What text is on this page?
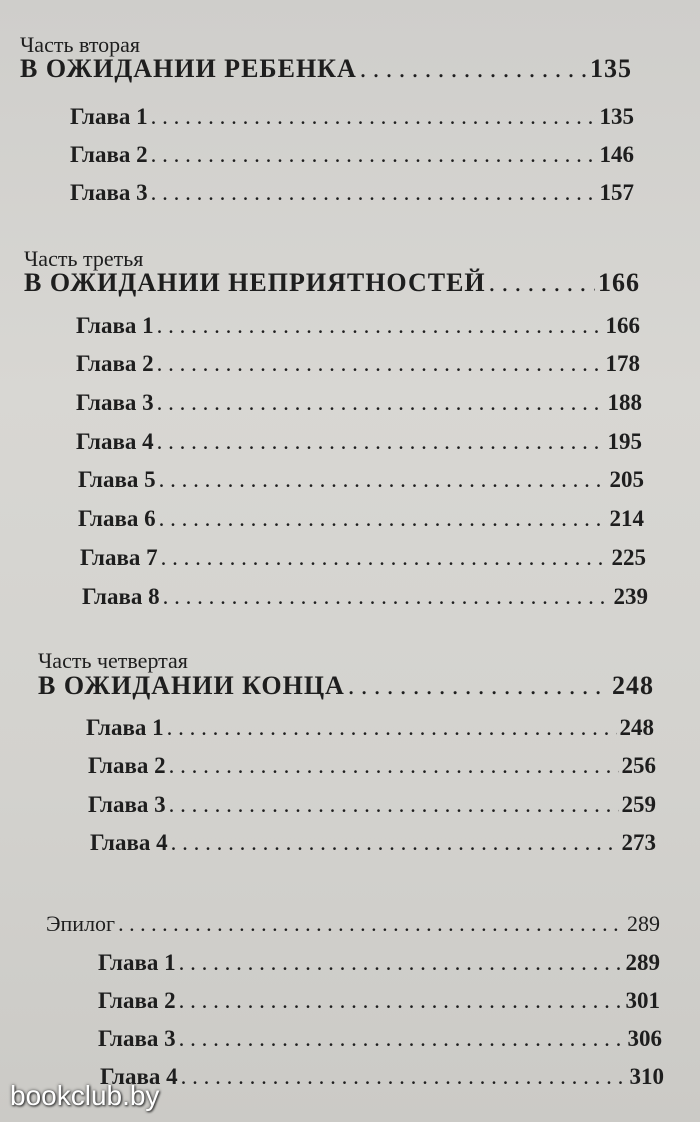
Часть вторая
В ОЖИДАНИИ РЕБЕНКА . . .	135
Глава 1 . . .	135
Глава 2 . . .	146
Глава 3 . . .	157
Часть третья
В ОЖИДАНИИ НЕПРИЯТНОСТЕЙ . . .	166
Глава 1 . . .	166
Глава 2 . . .	178
Глава 3 . . .	188
Глава 4 . . .	195
Глава 5 . . .	205
Глава 6 . . .	214
Глава 7 . . .	225
Глава 8 . . .	239
Часть четвертая
В ОЖИДАНИИ КОНЦА . . .	248
Глава 1 . . .	248
Глава 2 . . .	256
Глава 3 . . .	259
Глава 4 . . .	273
Эпилог . . .	289
Глава 1 . . .	289
Глава 2 . . .	301
Глава 3 . . .	306
Глава 4 . . .	310
bookclub.by
